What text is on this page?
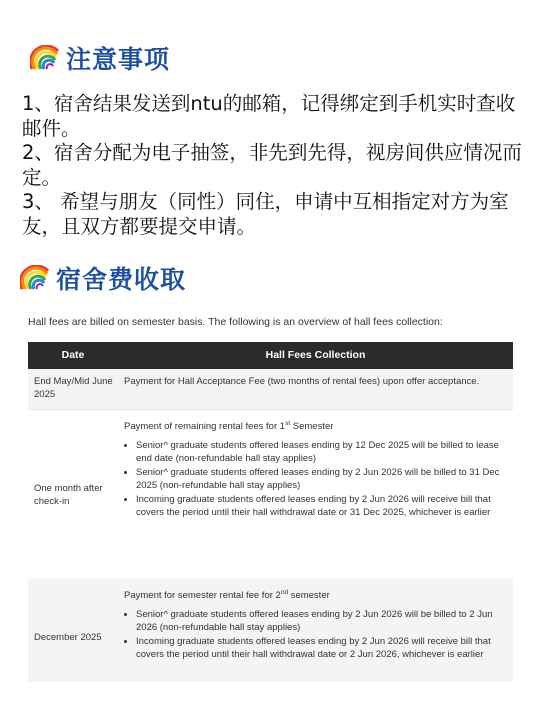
注意事项

1、宿舍结果发送到ntu的邮箱，记得绑定到手机实时查收邮件。

2、宿舍分配为电子抽签，非先到先得，视房间供应情况而定。

3、 希望与朋友（同性）同住，申请中互相指定对方为室友，且双方都要提交申请。

宿舍费收取
Hall fees are billed on semester basis. The following is an overview of hall fees collection:
Date	Hall Fees Collection
End May/Mid June 2025
Payment for Hall Acceptance Fee (two months of rental fees) upon offer acceptance.
One month after check-in
Payment of remaining rental fees for 1st Semester
• Senior^ graduate students offered leases ending by 12 Dec 2025 will be billed to lease end date (non-refundable hall stay applies)
• Senior^ graduate students offered leases ending by 2 Jun 2026 will be billed to 31 Dec 2025 (non-refundable hall stay applies)
• Incoming graduate students offered leases ending by 2 Jun 2026 will receive bill that covers the period until their hall withdrawal date or 31 Dec 2025, whichever is earlier
December 2025
Payment for semester rental fee for 2nd semester
• Senior^ graduate students offered leases ending by 2 Jun 2026 will be billed to 2 Jun 2026 (non-refundable hall stay applies)
• Incoming graduate students offered leases ending by 2 Jun 2026 will receive bill that covers the period until their hall withdrawal date or 2 Jun 2026, whichever is earlier
